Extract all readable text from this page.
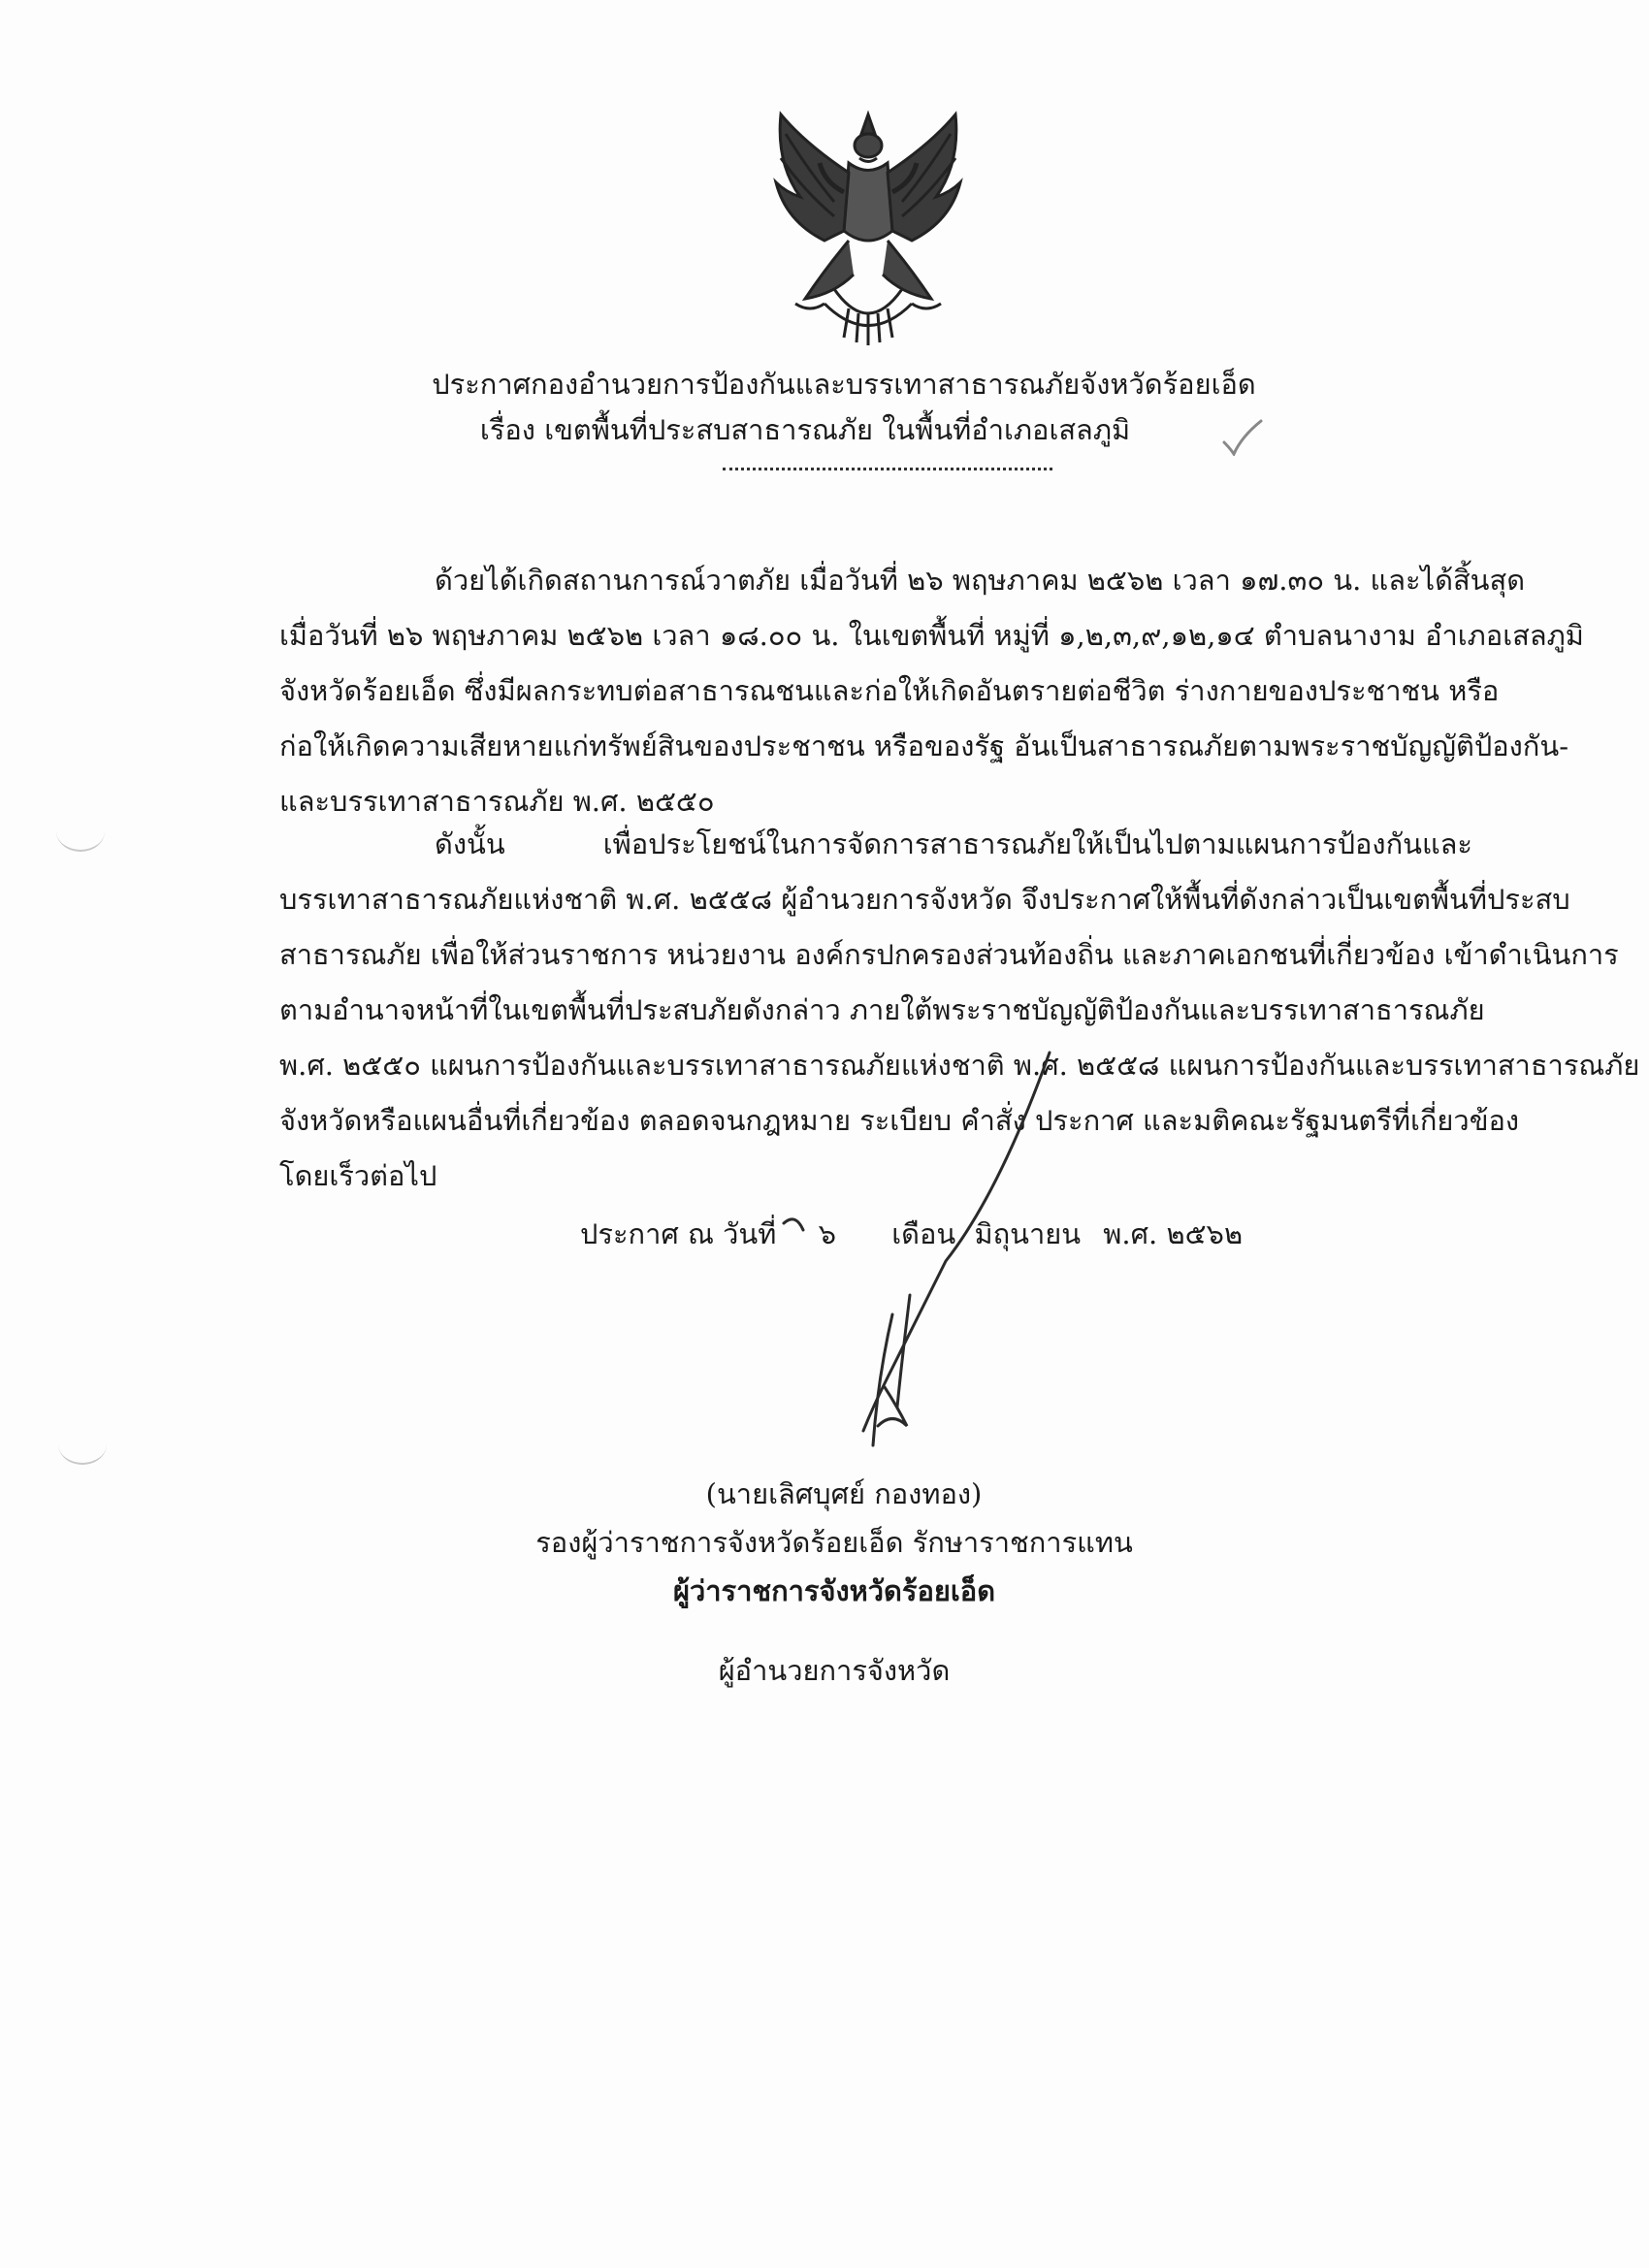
ประกาศกองอำนวยการป้องกันและบรรเทาสาธารณภัยจังหวัดร้อยเอ็ด
เรื่อง เขตพื้นที่ประสบสาธารณภัย ในพื้นที่อำเภอเสลภูมิ
ด้วยได้เกิดสถานการณ์วาตภัย เมื่อวันที่ ๒๖ พฤษภาคม ๒๕๖๒ เวลา ๑๗.๓๐ น. และได้สิ้นสุด
เมื่อวันที่ ๒๖ พฤษภาคม ๒๕๖๒ เวลา ๑๘.๐๐ น. ในเขตพื้นที่ หมู่ที่ ๑,๒,๓,๙,๑๒,๑๔ ตำบลนางาม อำเภอเสลภูมิ
จังหวัดร้อยเอ็ด ซึ่งมีผลกระทบต่อสาธารณชนและก่อให้เกิดอันตรายต่อชีวิต ร่างกายของประชาชน หรือ
ก่อให้เกิดความเสียหายแก่ทรัพย์สินของประชาชน หรือของรัฐ อันเป็นสาธารณภัยตามพระราชบัญญัติป้องกัน-
และบรรเทาสาธารณภัย พ.ศ. ๒๕๕๐
ดังนั้น เพื่อประโยชน์ในการจัดการสาธารณภัยให้เป็นไปตามแผนการป้องกันและ
บรรเทาสาธารณภัยแห่งชาติ พ.ศ. ๒๕๕๘ ผู้อำนวยการจังหวัด จึงประกาศให้พื้นที่ดังกล่าวเป็นเขตพื้นที่ประสบ
สาธารณภัย เพื่อให้ส่วนราชการ หน่วยงาน องค์กรปกครองส่วนท้องถิ่น และภาคเอกชนที่เกี่ยวข้อง เข้าดำเนินการ
ตามอำนาจหน้าที่ในเขตพื้นที่ประสบภัยดังกล่าว ภายใต้พระราชบัญญัติป้องกันและบรรเทาสาธารณภัย
พ.ศ. ๒๕๕๐ แผนการป้องกันและบรรเทาสาธารณภัยแห่งชาติ พ.ศ. ๒๕๕๘ แผนการป้องกันและบรรเทาสาธารณภัย
จังหวัดหรือแผนอื่นที่เกี่ยวข้อง ตลอดจนกฎหมาย ระเบียบ คำสั่ง ประกาศ และมติคณะรัฐมนตรีที่เกี่ยวข้อง
โดยเร็วต่อไป
ประกาศ ณ วันที่ ๖ เดือน มิถุนายน พ.ศ. ๒๕๖๒
(นายเลิศบุศย์ กองทอง)
รองผู้ว่าราชการจังหวัดร้อยเอ็ด รักษาราชการแทน
ผู้ว่าราชการจังหวัดร้อยเอ็ด
ผู้อำนวยการจังหวัด
